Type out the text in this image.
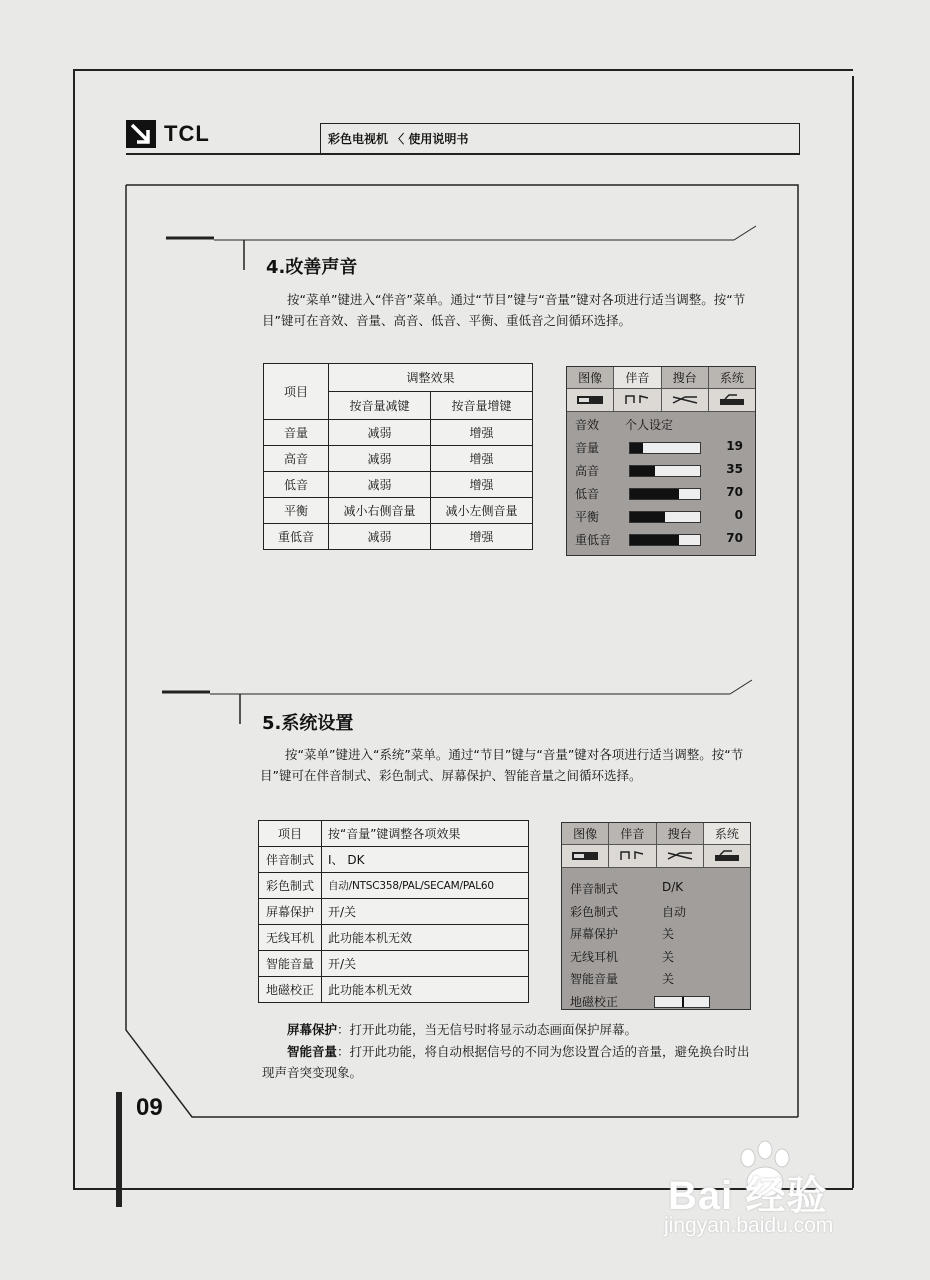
TCL	彩色电视机 〈 使用说明书
4.改善声音
按“菜单”键进入“伴音”菜单。通过“节目”键与“音量”键对各项进行适当调整。按“节目”键可在音效、音量、高音、低音、平衡、重低音之间循环选择。
项目	调整效果	
	按音量减键	按音量增键
音量	减弱	增强
高音	减弱	增强
低音	减弱	增强
平衡	减小右侧音量	减小左侧音量
重低音	减弱	增强
图像	伴音	搜台	系统
音效 个人设定
音量	19
高音	35
低音	70
平衡	0
重低音	70
5.系统设置
按“菜单”键进入“系统”菜单。通过“节目”键与“音量”键对各项进行适当调整。按“节目”键可在伴音制式、彩色制式、屏幕保护、智能音量之间循环选择。
项目	按“音量”键调整各项效果
伴音制式	I、 DK
彩色制式	自动/NTSC358/PAL/SECAM/PAL60
屏幕保护	开/关
无线耳机	此功能本机无效
智能音量	开/关
地磁校正	此功能本机无效
图像	伴音	搜台	系统
伴音制式	D/K
彩色制式	自动
屏幕保护	关
无线耳机	关
智能音量	关
地磁校正
屏幕保护：打开此功能，当无信号时将显示动态画面保护屏幕。
智能音量：打开此功能，将自动根据信号的不同为您设置合适的音量，避免换台时出现声音突变现象。
09
Bai 经验
jingyan.baidu.com
